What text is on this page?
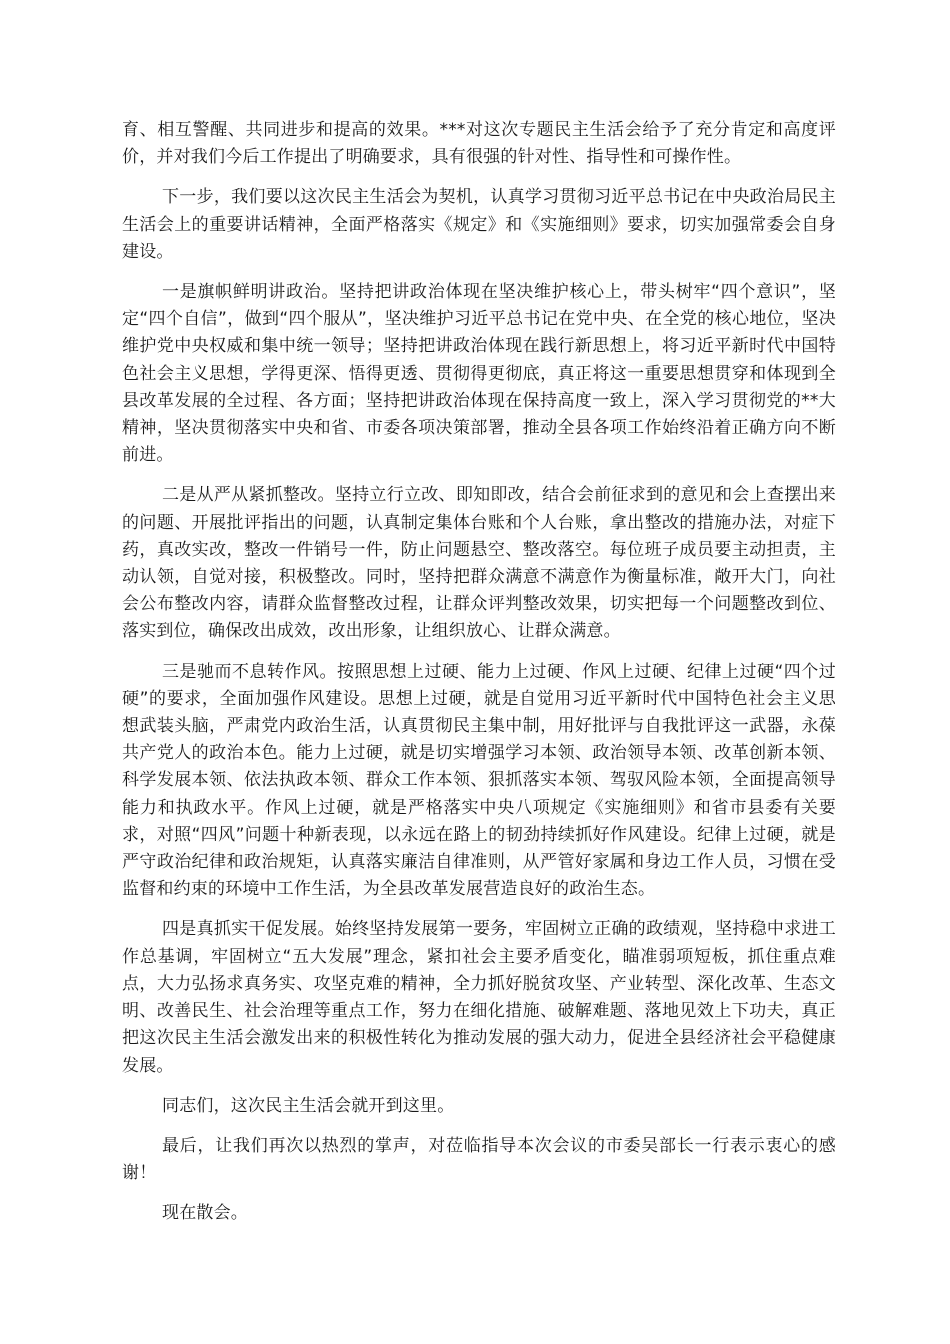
育、相互警醒、共同进步和提高的效果。***对这次专题民主生活会给予了充分肯定和高度评价，并对我们今后工作提出了明确要求，具有很强的针对性、指导性和可操作性。

下一步，我们要以这次民主生活会为契机，认真学习贯彻习近平总书记在中央政治局民主生活会上的重要讲话精神，全面严格落实《规定》和《实施细则》要求，切实加强常委会自身建设。

一是旗帜鲜明讲政治。坚持把讲政治体现在坚决维护核心上，带头树牢“四个意识”，坚定“四个自信”，做到“四个服从”，坚决维护习近平总书记在党中央、在全党的核心地位，坚决维护党中央权威和集中统一领导；坚持把讲政治体现在践行新思想上，将习近平新时代中国特色社会主义思想，学得更深、悟得更透、贯彻得更彻底，真正将这一重要思想贯穿和体现到全县改革发展的全过程、各方面；坚持把讲政治体现在保持高度一致上，深入学习贯彻党的**大精神，坚决贯彻落实中央和省、市委各项决策部署，推动全县各项工作始终沿着正确方向不断前进。

二是从严从紧抓整改。坚持立行立改、即知即改，结合会前征求到的意见和会上查摆出来的问题、开展批评指出的问题，认真制定集体台账和个人台账，拿出整改的措施办法，对症下药，真改实改，整改一件销号一件，防止问题悬空、整改落空。每位班子成员要主动担责，主动认领，自觉对接，积极整改。同时，坚持把群众满意不满意作为衡量标准，敞开大门，向社会公布整改内容，请群众监督整改过程，让群众评判整改效果，切实把每一个问题整改到位、落实到位，确保改出成效，改出形象，让组织放心、让群众满意。

三是驰而不息转作风。按照思想上过硬、能力上过硬、作风上过硬、纪律上过硬“四个过硬”的要求，全面加强作风建设。思想上过硬，就是自觉用习近平新时代中国特色社会主义思想武装头脑，严肃党内政治生活，认真贯彻民主集中制，用好批评与自我批评这一武器，永葆共产党人的政治本色。能力上过硬，就是切实增强学习本领、政治领导本领、改革创新本领、科学发展本领、依法执政本领、群众工作本领、狠抓落实本领、驾驭风险本领，全面提高领导能力和执政水平。作风上过硬，就是严格落实中央八项规定《实施细则》和省市县委有关要求，对照“四风”问题十种新表现，以永远在路上的韧劲持续抓好作风建设。纪律上过硬，就是严守政治纪律和政治规矩，认真落实廉洁自律准则，从严管好家属和身边工作人员，习惯在受监督和约束的环境中工作生活，为全县改革发展营造良好的政治生态。

四是真抓实干促发展。始终坚持发展第一要务，牢固树立正确的政绩观，坚持稳中求进工作总基调，牢固树立“五大发展”理念，紧扣社会主要矛盾变化，瞄准弱项短板，抓住重点难点，大力弘扬求真务实、攻坚克难的精神，全力抓好脱贫攻坚、产业转型、深化改革、生态文明、改善民生、社会治理等重点工作，努力在细化措施、破解难题、落地见效上下功夫，真正把这次民主生活会激发出来的积极性转化为推动发展的强大动力，促进全县经济社会平稳健康发展。

同志们，这次民主生活会就开到这里。

最后，让我们再次以热烈的掌声，对莅临指导本次会议的市委吴部长一行表示衷心的感谢！

现在散会。
